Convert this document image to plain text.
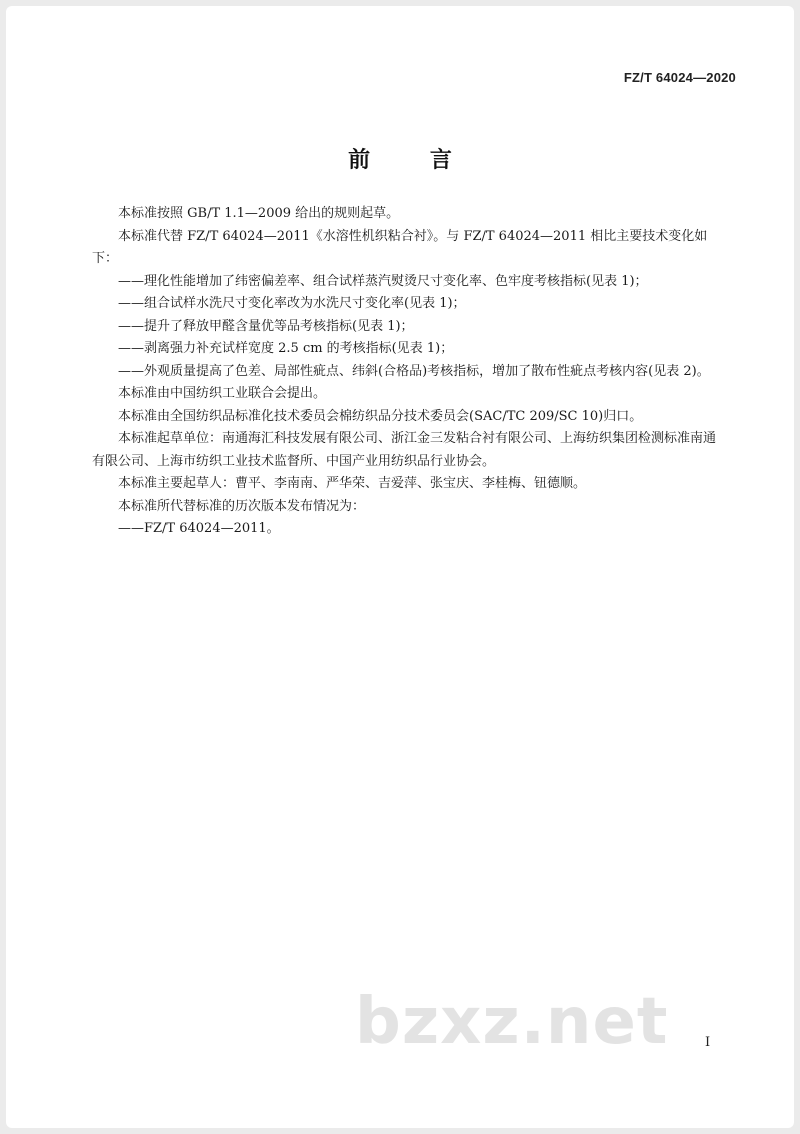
FZ/T 64024—2020
前 言

本标准按照 GB/T 1.1—2009 给出的规则起草。

本标准代替 FZ/T 64024—2011《水溶性机织粘合衬》。与 FZ/T 64024—2011 相比主要技术变化如下：

——理化性能增加了纬密偏差率、组合试样蒸汽熨烫尺寸变化率、色牢度考核指标(见表 1)；

——组合试样水洗尺寸变化率改为水洗尺寸变化率(见表 1)；

——提升了释放甲醛含量优等品考核指标(见表 1)；

——剥离强力补充试样宽度 2.5 cm 的考核指标(见表 1)；

——外观质量提高了色差、局部性疵点、纬斜(合格品)考核指标，增加了散布性疵点考核内容(见表 2)。

本标准由中国纺织工业联合会提出。

本标准由全国纺织品标准化技术委员会棉纺织品分技术委员会(SAC/TC 209/SC 10)归口。

本标准起草单位：南通海汇科技发展有限公司、浙江金三发粘合衬有限公司、上海纺织集团检测标准南通有限公司、上海市纺织工业技术监督所、中国产业用纺织品行业协会。

本标准主要起草人：曹平、李南南、严华荣、吉爱萍、张宝庆、李桂梅、钮德顺。

本标准所代替标准的历次版本发布情况为：

——FZ/T 64024—2011。

bzxz.net	I
